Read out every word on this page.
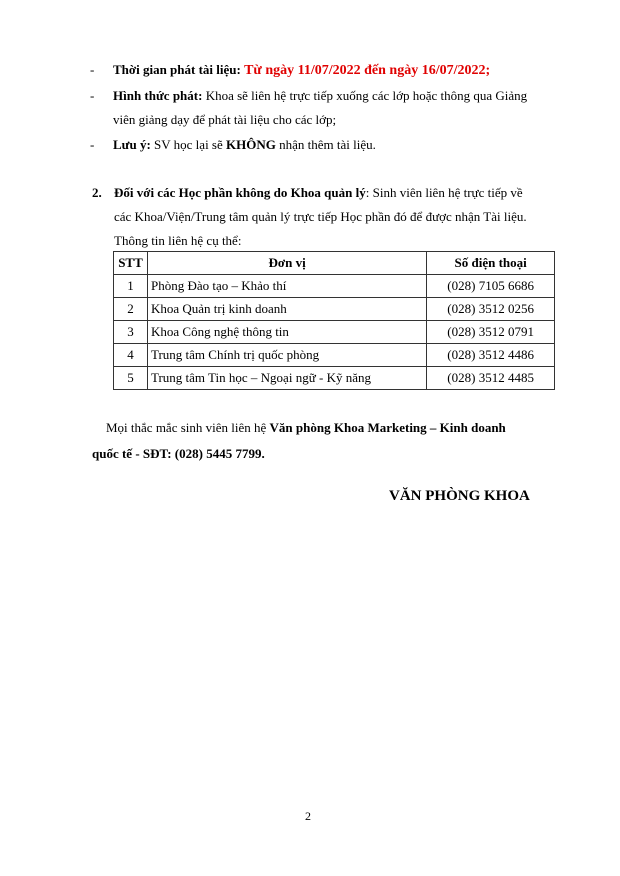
- Thời gian phát tài liệu: Từ ngày 11/07/2022 đến ngày 16/07/2022;
- Hình thức phát: Khoa sẽ liên hệ trực tiếp xuống các lớp hoặc thông qua Giảng
viên giảng dạy để phát tài liệu cho các lớp;
- Lưu ý: SV học lại sẽ KHÔNG nhận thêm tài liệu.
2. Đối với các Học phần không do Khoa quản lý: Sinh viên liên hệ trực tiếp về
các Khoa/Viện/Trung tâm quản lý trực tiếp Học phần đó để được nhận Tài liệu.
Thông tin liên hệ cụ thể:
STT	Đơn vị	Số điện thoại
1	Phòng Đào tạo – Khảo thí	(028) 7105 6686
2	Khoa Quản trị kinh doanh	(028) 3512 0256
3	Khoa Công nghệ thông tin	(028) 3512 0791
4	Trung tâm Chính trị quốc phòng	(028) 3512 4486
5	Trung tâm Tin học – Ngoại ngữ - Kỹ năng	(028) 3512 4485
Mọi thắc mắc sinh viên liên hệ Văn phòng Khoa Marketing – Kinh doanh
quốc tế - SĐT: (028) 5445 7799.
VĂN PHÒNG KHOA
2
